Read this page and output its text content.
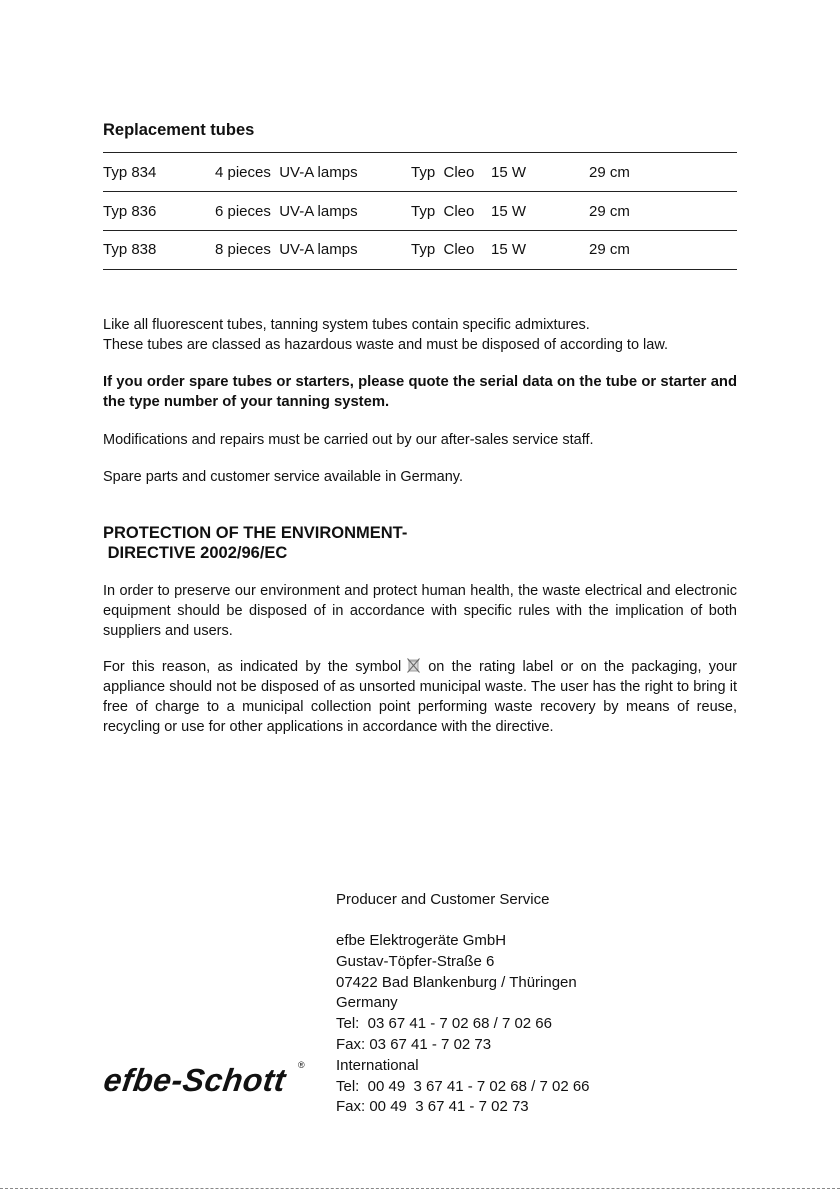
Replacement tubes
Typ 834	4 pieces  UV-A lamps	Typ  Cleo 15 W	29 cm
Typ 836	6 pieces  UV-A lamps	Typ  Cleo 15 W	29 cm
Typ 838	8 pieces  UV-A lamps	Typ  Cleo 15 W	29 cm

Like all fluorescent tubes, tanning system tubes contain specific admixtures.

These tubes are classed as hazardous waste and must be disposed of according to law.

If you order spare tubes or starters, please quote the serial data on the tube or starter and the type number of your tanning system.
Modifications and repairs must be carried out by our after-sales service staff.
Spare parts and customer service available in Germany.
PROTECTION OF THE ENVIRONMENT-
DIRECTIVE 2002/96/EC
In order to preserve our environment and protect human health, the waste electrical and electronic equipment should be disposed of in accordance with specific rules with the implication of both suppliers and users.
For this reason, as indicated by the symbol on the rating label or on the packaging, your appliance should not be disposed of as unsorted municipal waste. The user has the right to bring it free of charge to a municipal collection point performing waste recovery by means of reuse, recycling or use for other applications in accordance with the directive.
Producer and Customer Service
efbe Elektrogeräte GmbH
Gustav-Töpfer-Straße 6
07422 Bad Blankenburg / Thüringen
Germany
Tel:  03 67 41 - 7 02 68 / 7 02 66
Fax: 03 67 41 - 7 02 73
International
Tel:  00 49  3 67 41 - 7 02 68 / 7 02 66
Fax: 00 49  3 67 41 - 7 02 73
efbe-Schott ®
